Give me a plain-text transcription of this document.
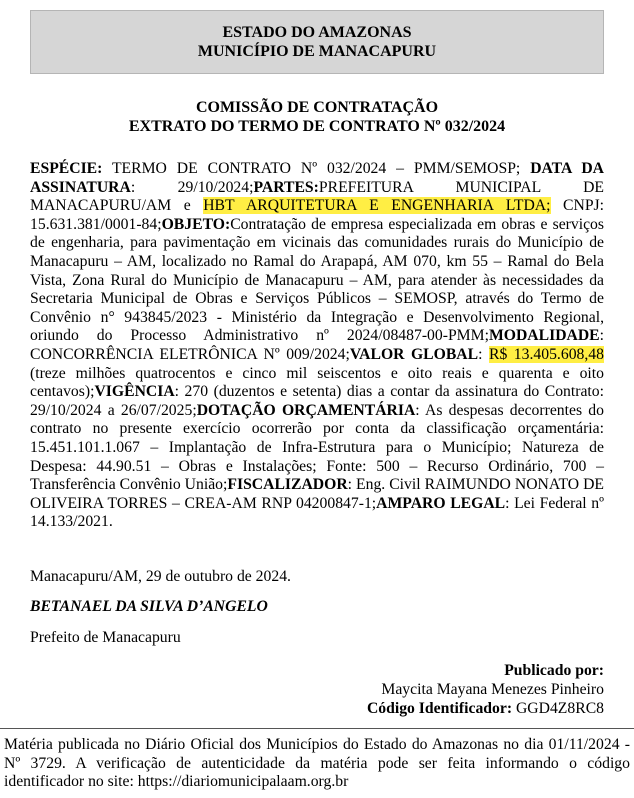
ESTADO DO AMAZONAS
MUNICÍPIO DE MANACAPURU
COMISSÃO DE CONTRATAÇÃO
EXTRATO DO TERMO DE CONTRATO Nº 032/2024
ESPÉCIE: TERMO DE CONTRATO Nº 032/2024 – PMM/SEMOSP; DATA DA ASSINATURA: 29/10/2024;PARTES:PREFEITURA MUNICIPAL DE MANACAPURU/AM e HBT ARQUITETURA E ENGENHARIA LTDA; CNPJ: 15.631.381/0001-84;OBJETO:Contratação de empresa especializada em obras e serviços de engenharia, para pavimentação em vicinais das comunidades rurais do Município de Manacapuru – AM, localizado no Ramal do Arapapá, AM 070, km 55 – Ramal do Bela Vista, Zona Rural do Município de Manacapuru – AM, para atender às necessidades da Secretaria Municipal de Obras e Serviços Públicos – SEMOSP, através do Termo de Convênio n° 943845/2023 - Ministério da Integração e Desenvolvimento Regional, oriundo do Processo Administrativo nº 2024/08487-00-PMM;MODALIDADE: CONCORRÊNCIA ELETRÔNICA Nº 009/2024;VALOR GLOBAL: R$ 13.405.608,48 (treze milhões quatrocentos e cinco mil seiscentos e oito reais e quarenta e oito centavos);VIGÊNCIA: 270 (duzentos e setenta) dias a contar da assinatura do Contrato: 29/10/2024 a 26/07/2025;DOTAÇÃO ORÇAMENTÁRIA: As despesas decorrentes do contrato no presente exercício ocorrerão por conta da classificação orçamentária: 15.451.101.1.067 – Implantação de Infra-Estrutura para o Município; Natureza de Despesa: 44.90.51 – Obras e Instalações; Fonte: 500 – Recurso Ordinário, 700 – Transferência Convênio União;FISCALIZADOR: Eng. Civil RAIMUNDO NONATO DE OLIVEIRA TORRES – CREA-AM RNP 04200847-1;AMPARO LEGAL: Lei Federal nº 14.133/2021.
Manacapuru/AM, 29 de outubro de 2024.
BETANAEL DA SILVA D’ANGELO
Prefeito de Manacapuru
Publicado por:
Maycita Mayana Menezes Pinheiro
Código Identificador: GGD4Z8RC8
Matéria publicada no Diário Oficial dos Municípios do Estado do Amazonas no dia 01/11/2024 - Nº 3729. A verificação de autenticidade da matéria pode ser feita informando o código identificador no site: https://diariomunicipalaam.org.br
